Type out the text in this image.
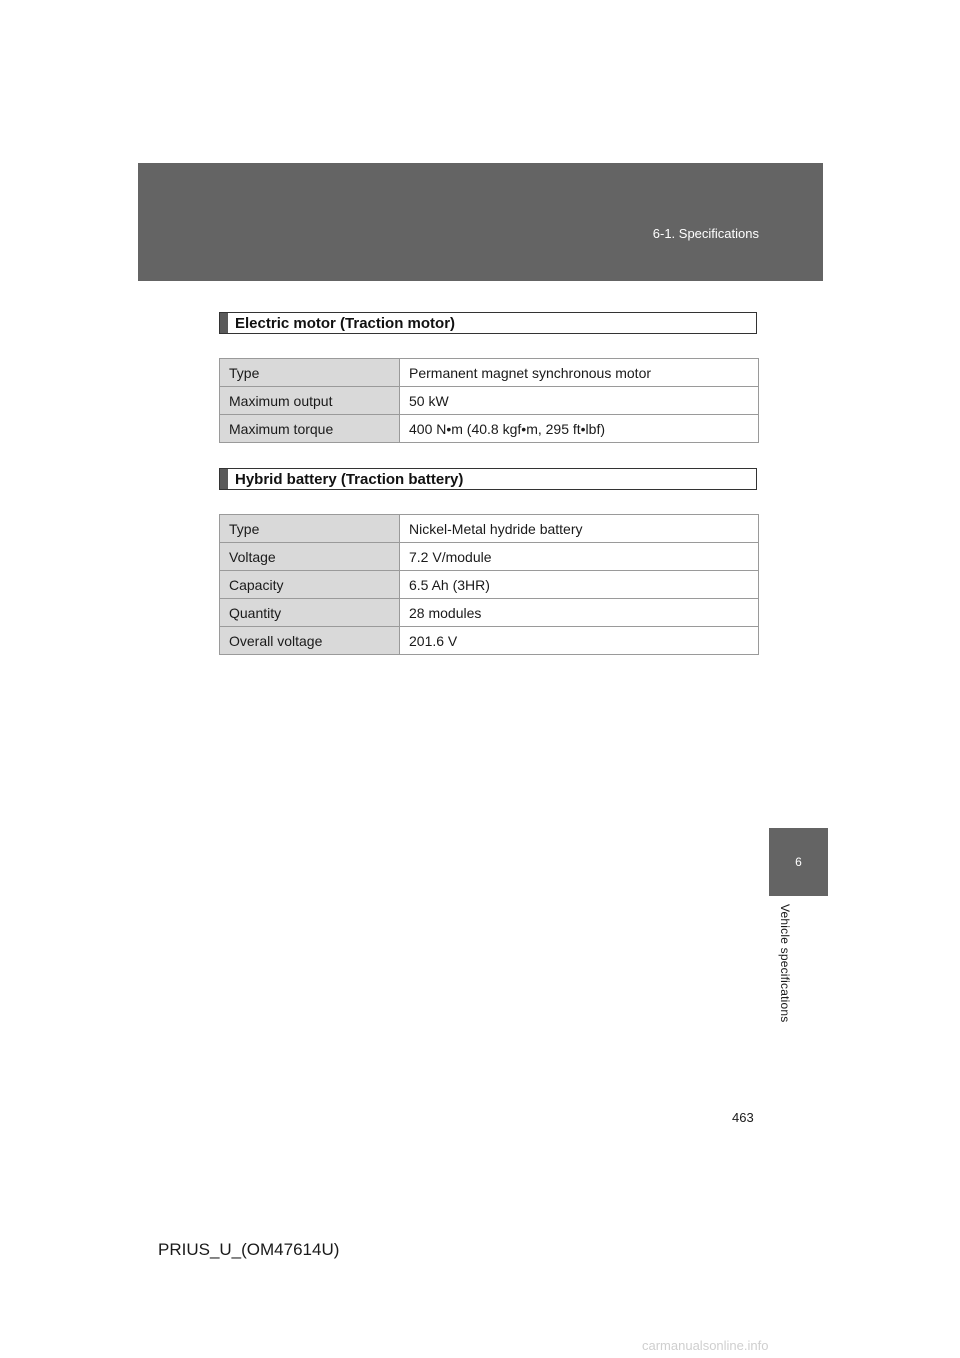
6-1. Specifications
6
Vehicle specifications
Electric motor (Traction motor)
Type	Permanent magnet synchronous motor
Maximum output	50 kW
Maximum torque	400 N•m (40.8 kgf•m, 295 ft•lbf)
Hybrid battery (Traction battery)
Type	Nickel-Metal hydride battery
Voltage	7.2 V/module
Capacity	6.5 Ah (3HR)
Quantity	28 modules
Overall voltage	201.6 V
463
PRIUS_U_(OM47614U)
carmanualsonline.info
